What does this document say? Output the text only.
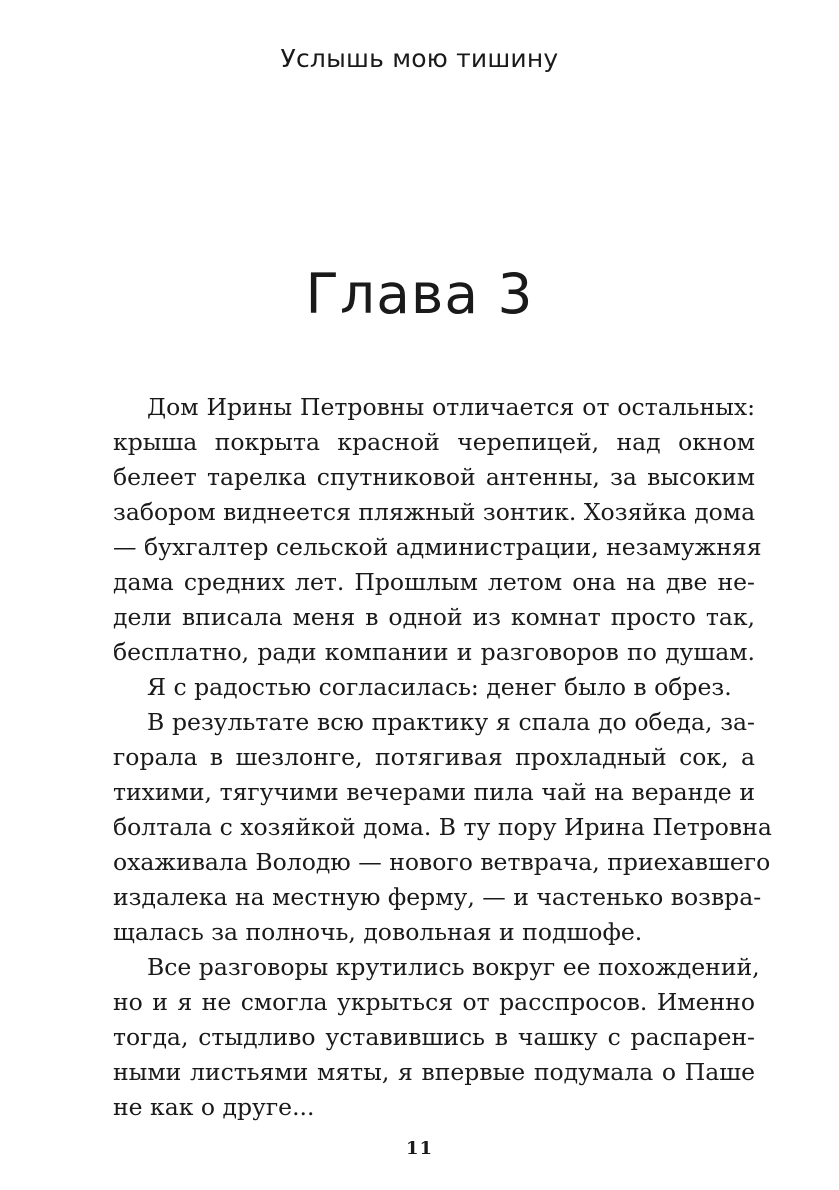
Услышь мою тишину
Глава 3
Дом Ирины Петровны отличается от остальных:
крыша покрыта красной черепицей, над окном
белеет тарелка спутниковой антенны, за высоким
забором виднеется пляжный зонтик. Хозяйка дома
— бухгалтер сельской администрации, незамужняя
дама средних лет. Прошлым летом она на две не-
дели вписала меня в одной из комнат просто так,
бесплатно, ради компании и разговоров по душам.
Я с радостью согласилась: денег было в обрез.
В результате всю практику я спала до обеда, за-
горала в шезлонге, потягивая прохладный сок, а
тихими, тягучими вечерами пила чай на веранде и
болтала с хозяйкой дома. В ту пору Ирина Петровна
охаживала Володю — нового ветврача, приехавшего
издалека на местную ферму, — и частенько возвра-
щалась за полночь, довольная и подшофе.
Все разговоры крутились вокруг ее похождений,
но и я не смогла укрыться от расспросов. Именно
тогда, стыдливо уставившись в чашку с распарен-
ными листьями мяты, я впервые подумала о Паше
не как о друге...
11
